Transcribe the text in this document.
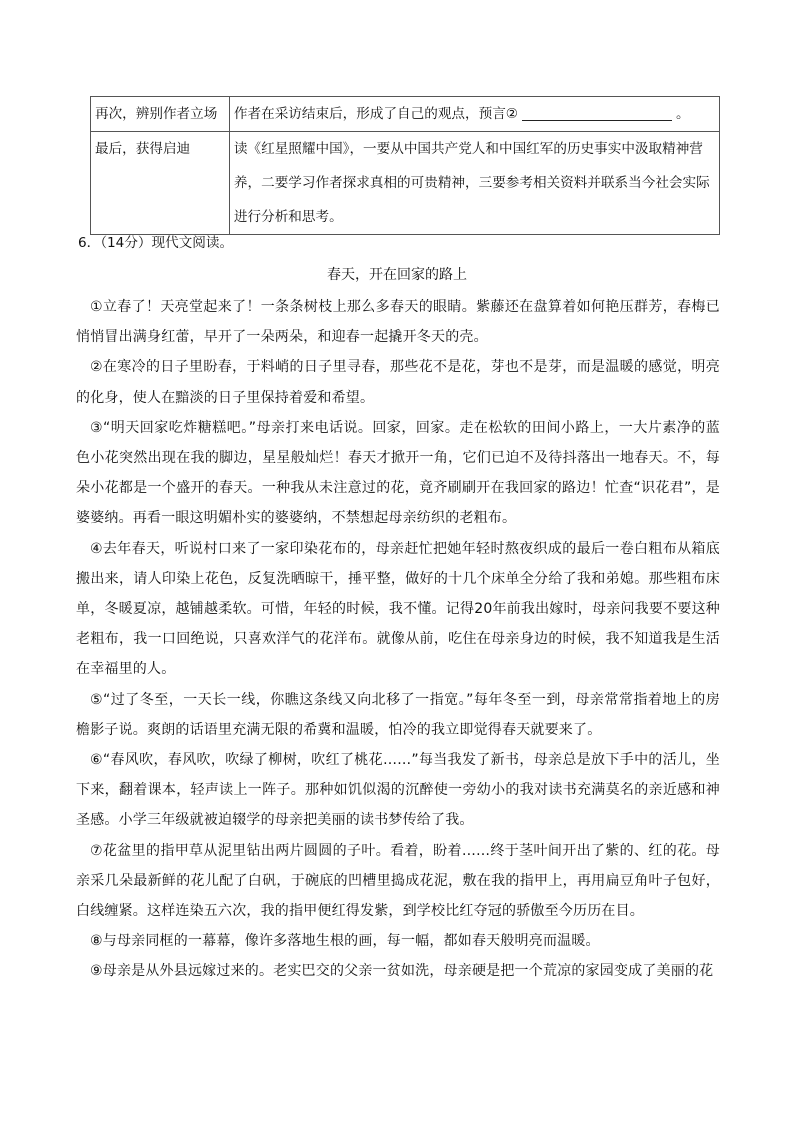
再次，辨别作者立场	作者在采访结束后，形成了自己的观点，预言② 。
最后，获得启迪	读《红星照耀中国》，一要从中国共产党人和中国红军的历史事实中汲取精神营养，二要学习作者探求真相的可贵精神，三要参考相关资料并联系当今社会实际进行分析和思考。
6．（14分）现代文阅读。
春天，开在回家的路上

①立春了！天亮堂起来了！一条条树枝上那么多春天的眼睛。紫藤还在盘算着如何艳压群芳，春梅已悄悄冒出满身红蕾，早开了一朵两朵，和迎春一起撬开冬天的壳。

②在寒冷的日子里盼春，于料峭的日子里寻春，那些花不是花，芽也不是芽，而是温暖的感觉，明亮的化身，使人在黯淡的日子里保持着爱和希望。

③“明天回家吃炸糖糕吧。”母亲打来电话说。回家，回家。走在松软的田间小路上，一大片素净的蓝色小花突然出现在我的脚边，星星般灿烂！春天才掀开一角，它们已迫不及待抖落出一地春天。不，每朵小花都是一个盛开的春天。一种我从未注意过的花，竟齐刷刷开在我回家的路边！忙查“识花君”，是婆婆纳。再看一眼这明媚朴实的婆婆纳，不禁想起母亲纺织的老粗布。

④去年春天，听说村口来了一家印染花布的，母亲赶忙把她年轻时熬夜织成的最后一卷白粗布从箱底搬出来，请人印染上花色，反复洗晒晾干，捶平整，做好的十几个床单全分给了我和弟媳。那些粗布床单，冬暖夏凉，越铺越柔软。可惜，年轻的时候，我不懂。记得20年前我出嫁时，母亲问我要不要这种老粗布，我一口回绝说，只喜欢洋气的花洋布。就像从前，吃住在母亲身边的时候，我不知道我是生活在幸福里的人。

⑤“过了冬至，一天长一线，你瞧这条线又向北移了一指宽。”每年冬至一到，母亲常常指着地上的房檐影子说。爽朗的话语里充满无限的希冀和温暖，怕冷的我立即觉得春天就要来了。

⑥“春风吹，春风吹，吹绿了柳树，吹红了桃花……”每当我发了新书，母亲总是放下手中的活儿，坐下来，翻着课本，轻声读上一阵子。那种如饥似渴的沉醉使一旁幼小的我对读书充满莫名的亲近感和神圣感。小学三年级就被迫辍学的母亲把美丽的读书梦传给了我。

⑦花盆里的指甲草从泥里钻出两片圆圆的子叶。看着，盼着……终于茎叶间开出了紫的、红的花。母亲采几朵最新鲜的花儿配了白矾，于碗底的凹槽里捣成花泥，敷在我的指甲上，再用扁豆角叶子包好，白线缠紧。这样连染五六次，我的指甲便红得发紫，到学校比红夺冠的骄傲至今历历在目。

⑧与母亲同框的一幕幕，像许多落地生根的画，每一幅，都如春天般明亮而温暖。

⑨母亲是从外县远嫁过来的。老实巴交的父亲一贫如洗，母亲硬是把一个荒凉的家园变成了美丽的花
